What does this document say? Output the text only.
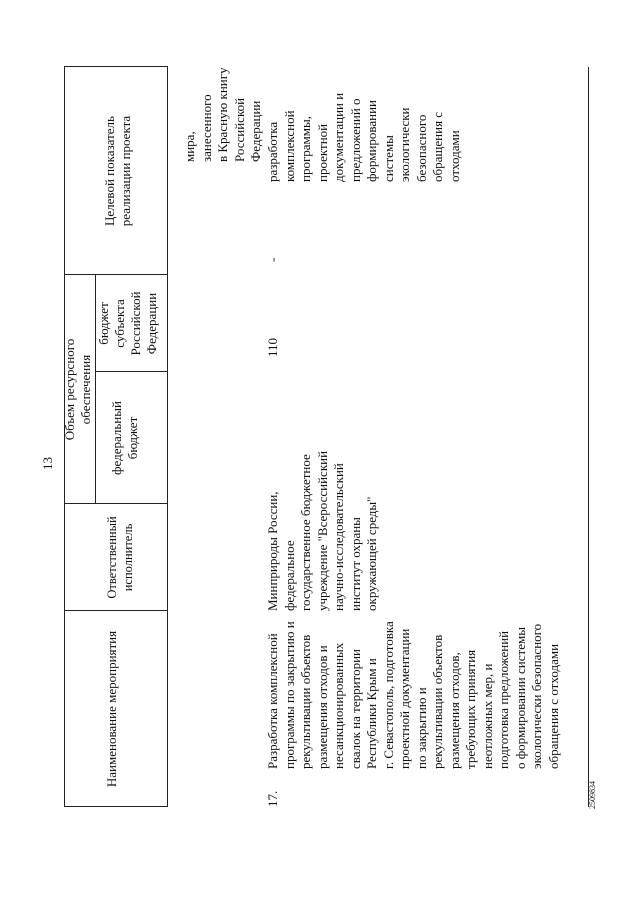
13
Наименование мероприятия
Ответственный исполнитель
Объем ресурсного обеспечения
федеральный бюджет
бюджет субъекта Российской Федерации
Целевой показатель реализации проекта	мира, занесенного в Красную книгу Российской Федерации
17.
Разработка комплексной программы по закрытию и рекультивации объектов размещения отходов и несанкционированных свалок на территории Республики Крым и г. Севастополь, подготовка проектной документации по закрытию и рекультивации объектов размещения отходов, требующих принятия неотложных мер, и подготовка предложений о формировании системы экологически безопасного обращения с отходами
Минприроды России, федеральное государственное бюджетное учреждение "Всероссийский научно-исследовательский институт охраны окружающей среды"
110
-
разработка комплексной программы, проектной документации и предложений о формировании системы экологически безопасного обращения с отходами
2509834
